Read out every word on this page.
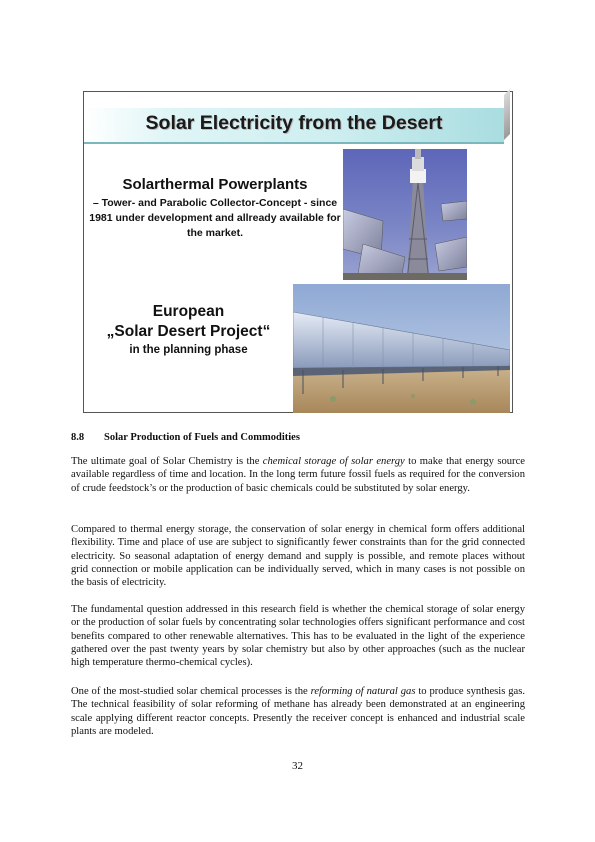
Solar Electricity from the Desert
Solarthermal Powerplants
– Tower- and Parabolic Collector-Concept - since 1981 under development and allready available for the market.
European
„Solar Desert Project“
in the planning phase
8.8 Solar Production of Fuels and Commodities
The ultimate goal of Solar Chemistry is the chemical storage of solar energy to make that energy source available regardless of time and location. In the long term future fossil fuels as required for the conversion of crude feedstock’s or the production of basic chemicals could be substituted by solar energy.
Compared to thermal energy storage, the conservation of solar energy in chemical form offers additional flexibility. Time and place of use are subject to significantly fewer constraints than for the grid connected electricity. So seasonal adaptation of energy demand and supply is possible, and remote places without grid connection or mobile application can be individually served, which in many cases is not possible on the basis of electricity.
The fundamental question addressed in this research field is whether the chemical storage of solar energy or the production of solar fuels by concentrating solar technologies offers significant performance and cost benefits compared to other renewable alternatives. This has to be evaluated in the light of the experience gathered over the past twenty years by solar chemistry but also by other approaches (such as the nuclear high temperature thermo-chemical cycles).
One of the most-studied solar chemical processes is the reforming of natural gas to produce synthesis gas. The technical feasibility of solar reforming of methane has already been demonstrated at an engineering scale applying different reactor concepts. Presently the receiver concept is enhanced and industrial scale plants are modeled.
32
